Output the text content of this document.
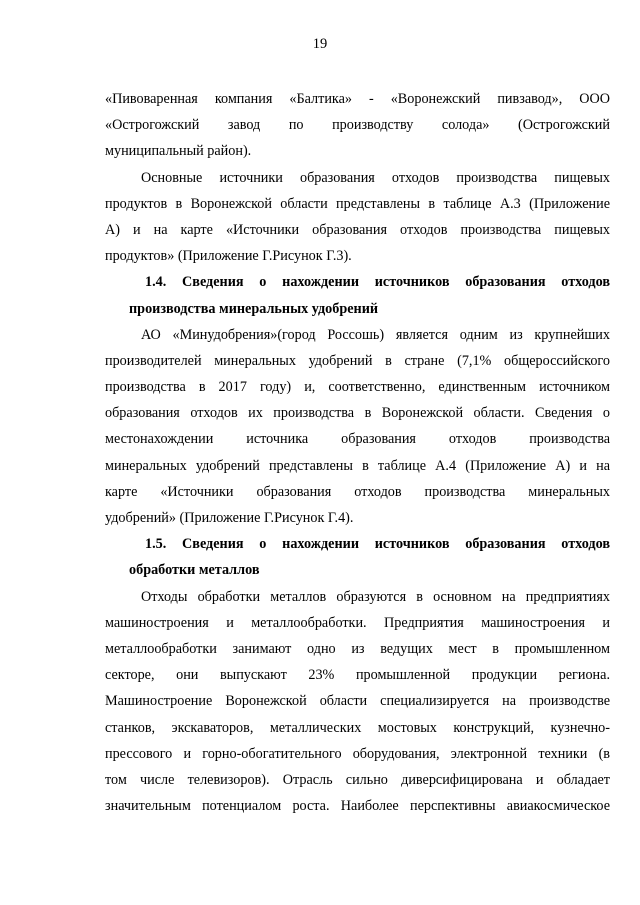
19
«Пивоваренная компания «Балтика» - «Воронежский пивзавод», ООО
«Острогожский завод по производству солода» (Острогожский
муниципальный район).
Основные источники образования отходов производства пищевых
продуктов в Воронежской области представлены в таблице А.3 (Приложение
А) и на карте «Источники образования отходов производства пищевых
продуктов» (Приложение Г.Рисунок Г.3).
1.4. Сведения о нахождении источников образования отходов
производства минеральных удобрений
АО «Минудобрения»(город Россошь) является одним из крупнейших
производителей минеральных удобрений в стране (7,1% общероссийского
производства в 2017 году) и, соответственно, единственным источником
образования отходов их производства в Воронежской области. Сведения о
местонахождении источника образования отходов производства
минеральных удобрений представлены в таблице А.4 (Приложение А) и на
карте «Источники образования отходов производства минеральных
удобрений» (Приложение Г.Рисунок Г.4).
1.5. Сведения о нахождении источников образования отходов
обработки металлов
Отходы обработки металлов образуются в основном на предприятиях
машиностроения и металлообработки. Предприятия машиностроения и
металлообработки занимают одно из ведущих мест в промышленном
секторе, они выпускают 23% промышленной продукции региона.
Машиностроение Воронежской области специализируется на производстве
станков, экскаваторов, металлических мостовых конструкций, кузнечно-
прессового и горно-обогатительного оборудования, электронной техники (в
том числе телевизоров). Отрасль сильно диверсифицирована и обладает
значительным потенциалом роста. Наиболее перспективны авиакосмическое
